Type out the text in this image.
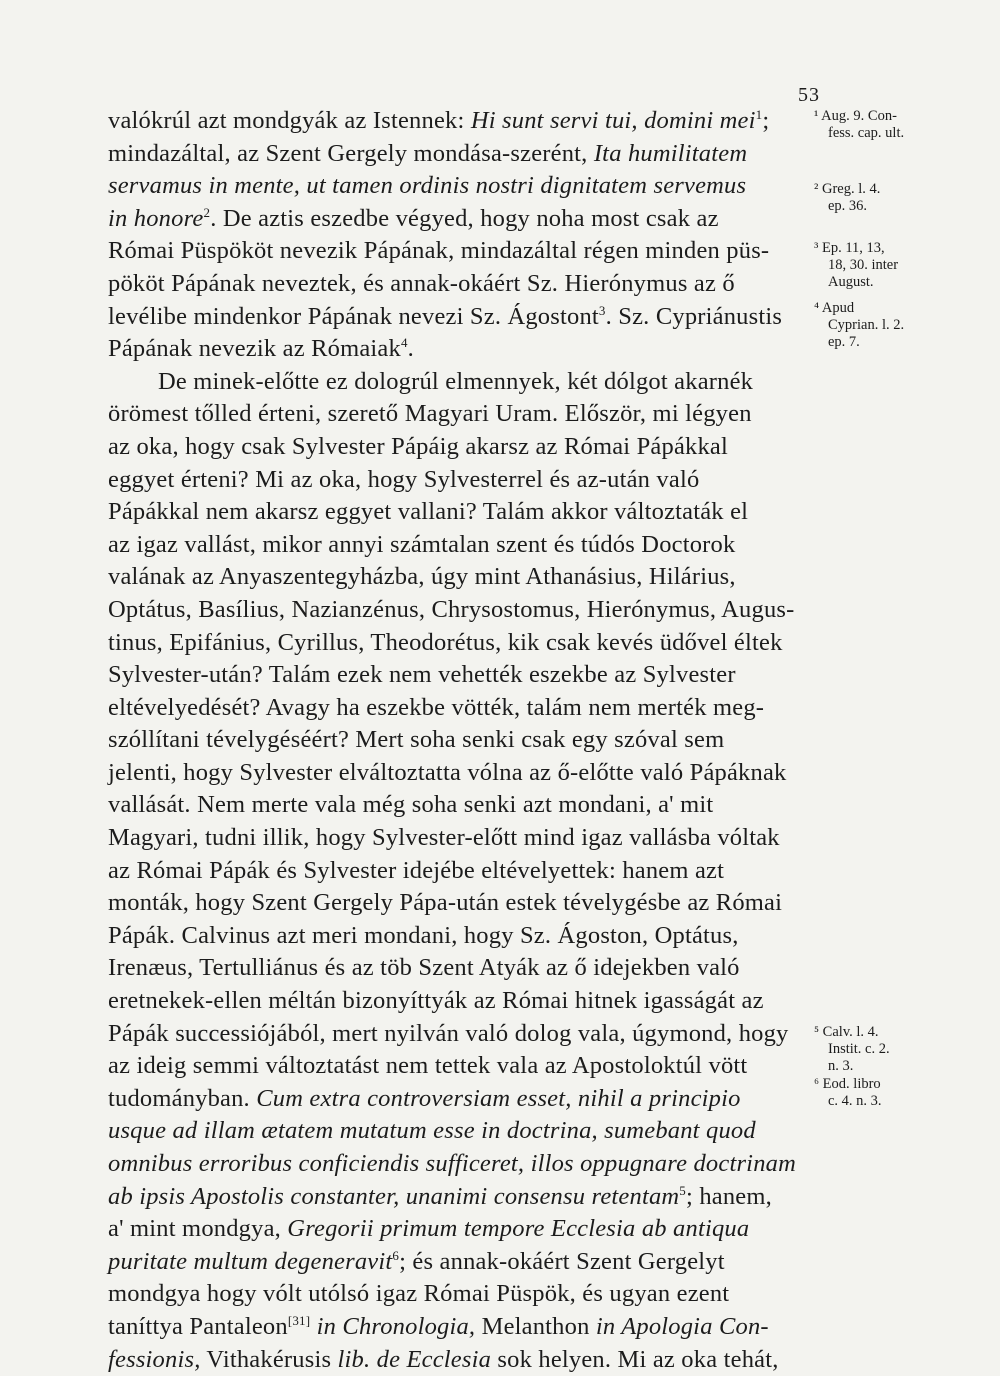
53
valókrúl azt mondgyák az Istennek: Hi sunt servi tui, domini mei$^1$;
mindazáltal, az Szent Gergely mondása-szerént, Ita humilitatem
servamus in mente, ut tamen ordinis nostri dignitatem servemus
in honore$^2$. De aztis eszedbe végyed, hogy noha most csak az
Római Püspököt nevezik Pápának, mindazáltal régen minden püs-
pököt Pápának neveztek, és annak-okáért Sz. Hierónymus az ő
levélibe mindenkor Pápának nevezi Sz. Ágostont$^3$. Sz. Cypriánustis
Pápának nevezik az Rómaiak$^4$.
De minek-előtte ez dologrúl elmennyek, két dólgot akarnék
örömest tőlled érteni, szerető Magyari Uram. Először, mi légyen
az oka, hogy csak Sylvester Pápáig akarsz az Római Pápákkal
eggyet érteni? Mi az oka, hogy Sylvesterrel és az-után való
Pápákkal nem akarsz eggyet vallani? Talám akkor változtaták el
az igaz vallást, mikor annyi számtalan szent és túdós Doctorok
valának az Anyaszentegyházba, úgy mint Athanásius, Hilárius,
Optátus, Basílius, Nazianzénus, Chrysostomus, Hierónymus, Augus-
tinus, Epifánius, Cyrillus, Theodorétus, kik csak kevés üdővel éltek
Sylvester-után? Talám ezek nem vehették eszekbe az Sylvester
eltévelyedését? Avagy ha eszekbe vötték, talám nem merték meg-
szóllítani tévelygéséért? Mert soha senki csak egy szóval sem
jelenti, hogy Sylvester elváltoztatta vólna az ő-előtte való Pápáknak
vallását. Nem merte vala még soha senki azt mondani, a' mit
Magyari, tudni illik, hogy Sylvester-előtt mind igaz vallásba vóltak
az Római Pápák és Sylvester idejébe eltévelyettek: hanem azt
monták, hogy Szent Gergely Pápa-után estek tévelygésbe az Római
Pápák. Calvinus azt meri mondani, hogy Sz. Ágoston, Optátus,
Irenæus, Tertulliánus és az töb Szent Atyák az ő idejekben való
eretnekek-ellen méltán bizonyíttyák az Római hitnek igasságát az
Pápák successiójából, mert nyilván való dolog vala, úgymond, hogy
az ideig semmi változtatást nem tettek vala az Apostoloktúl vött
tudományban. Cum extra controversiam esset, nihil a principio
usque ad illam ætatem mutatum esse in doctrina, sumebant quod
omnibus erroribus conficiendis sufficeret, illos oppugnare doctrinam
ab ipsis Apostolis constanter, unanimi consensu retentam$^5$; hanem,
a' mint mondgya, Gregorii primum tempore Ecclesia ab antiqua
puritate multum degeneravit$^6$; és annak-okáért Szent Gergelyt
mondgya hogy vólt utólsó igaz Római Püspök, és ugyan ezent
taníttya Pantaleon[31] in Chronologia, Melanthon in Apologia Con-
fessionis, Vithakérusis lib. de Ecclesia sok helyen. Mi az oka tehát,
¹ Aug. 9. Con-
fess. cap. ult.
² Greg. l. 4.
ep. 36.
³ Ep. 11, 13,
18, 30. inter
August.
⁴ Apud
Cyprian. l. 2.
ep. 7.
⁵ Calv. l. 4.
Instit. c. 2.
n. 3.
⁶ Eod. libro
c. 4. n. 3.
